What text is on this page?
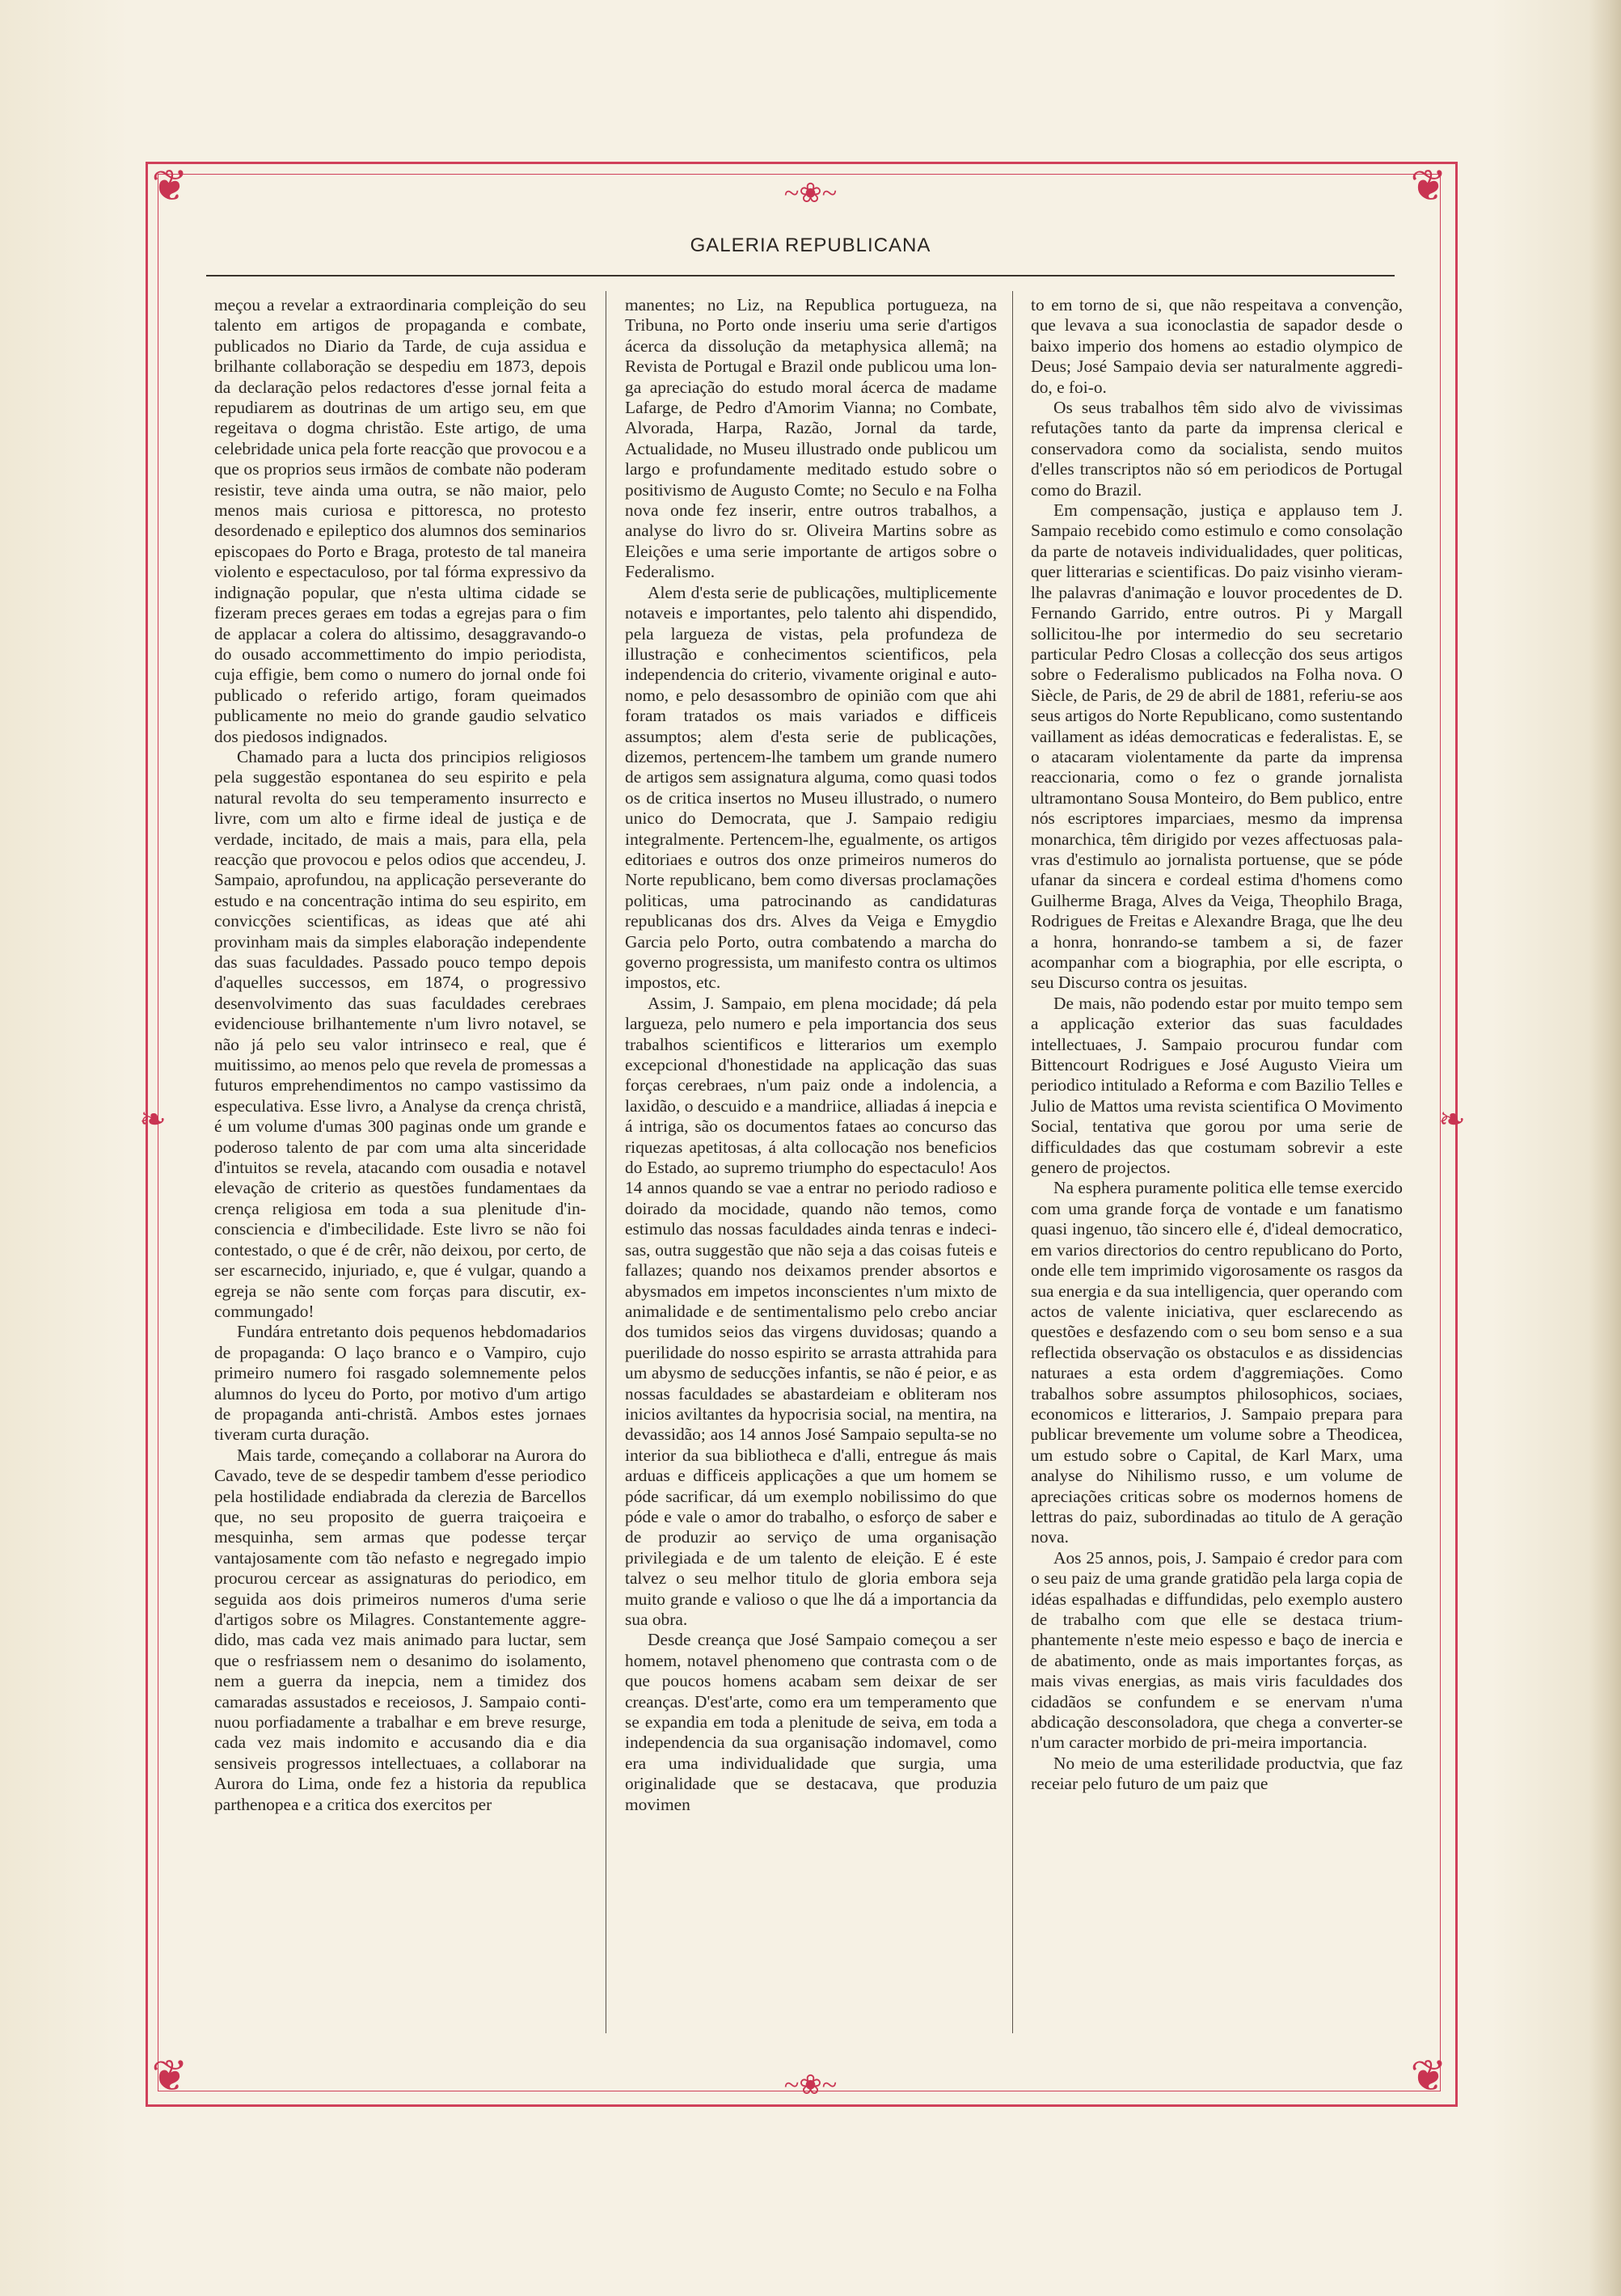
❦	❦
❦	❦
❧	❧
~❀~
~❀~
GALERIA REPUBLICANA

meçou a revelar a extraordinaria compleição do seu talento em artigos de propaganda e combate, publicados no Diario da Tarde, de cuja assidua e brilhante collaboração se despediu em 1873, depois da declaração pelos redactores d'esse jornal feita a repudiarem as doutrinas de um artigo seu, em que regeitava o dogma christão. Este artigo, de uma celebridade unica pela forte reacção que provocou e a que os proprios seus irmãos de combate não poderam resistir, teve ainda uma outra, se não maior, pelo menos mais curiosa e pittoresca, no protesto desordenado e epileptico dos alumnos dos seminarios episcopaes do Porto e Braga, protesto de tal maneira violento e espectaculoso, por tal fórma expressivo da indignação popular, que n'esta ultima cidade se fizeram preces geraes em todas a egrejas para o fim de applacar a colera do altissimo, desaggravando-o do ousado accommettimento do impio periodista, cuja effigie, bem como o numero do jornal onde foi publicado o referido artigo, foram queimados publicamente no meio do grande gaudio selvatico dos piedosos indignados.

Chamado para a lucta dos principios religiosos pela suggestão espontanea do seu espirito e pela natural revolta do seu temperamento insurrecto e livre, com um alto e firme ideal de justiça e de verdade, incitado, de mais a mais, para ella, pela reacção que provocou e pelos odios que accendeu, J. Sampaio, aprofundou, na applicação perseverante do estudo e na concentração intima do seu espirito, em convicções scientificas, as ideas que até ahi provinham mais da simples elaboração independente das suas faculdades. Passado pouco tempo depois d'aquelles successos, em 1874, o progressivo desenvolvimento das suas faculdades cerebraes evidenciouse brilhantemente n'um livro notavel, se não já pelo seu valor intrinseco e real, que é muitissimo, ao menos pelo que revela de promessas a futuros emprehendimentos no campo vastissimo da especulativa. Esse livro, a Analyse da crença christã, é um volume d'umas 300 paginas onde um grande e poderoso talento de par com uma alta sinceridade d'intuitos se revela, atacando com ousadia e notavel elevação de criterio as questões fundamentaes da crença religiosa em toda a sua plenitude d'inconsciencia e d'imbecilidade. Este livro se não foi contestado, o que é de crêr, não deixou, por certo, de ser escarnecido, injuriado, e, que é vulgar, quando a egreja se não sente com forças para discutir, excommungado!

Fundára entretanto dois pequenos hebdomadarios de propaganda: O laço branco e o Vampiro, cujo primeiro numero foi rasgado solemnemente pelos alumnos do lyceu do Porto, por motivo d'um artigo de propaganda anti-christã. Ambos estes jornaes tiveram curta duração.

Mais tarde, começando a collaborar na Aurora do Cavado, teve de se despedir tambem d'esse periodico pela hostilidade endiabrada da clerezia de Barcellos que, no seu proposito de guerra traiçoeira e mesquinha, sem armas que podesse terçar vantajosamente com tão nefasto e negregado impio procurou cercear as assignaturas do periodico, em seguida aos dois primeiros numeros d'uma serie d'artigos sobre os Milagres. Constantemente aggredido, mas cada vez mais animado para luctar, sem que o resfriassem nem o desanimo do isolamento, nem a guerra da inepcia, nem a timidez dos camaradas assustados e receiosos, J. Sampaio continuou porfiadamente a trabalhar e em breve resurge, cada vez mais indomito e accusando dia e dia sensiveis progressos intellectuaes, a collaborar na Aurora do Lima, onde fez a historia da republica parthenopea e a critica dos exercitos per

manentes; no Liz, na Republica portugueza, na Tribuna, no Porto onde inseriu uma serie d'artigos ácerca da dissolução da metaphysica allemã; na Revista de Portugal e Brazil onde publicou uma longa apreciação do estudo moral ácerca de madame Lafarge, de Pedro d'Amorim Vianna; no Combate, Alvorada, Harpa, Razão, Jornal da tarde, Actualidade, no Museu illustrado onde publicou um largo e profundamente meditado estudo sobre o positivismo de Augusto Comte; no Seculo e na Folha nova onde fez inserir, entre outros trabalhos, a analyse do livro do sr. Oliveira Martins sobre as Eleições e uma serie importante de artigos sobre o Federalismo.

Alem d'esta serie de publicações, multiplicemente notaveis e importantes, pelo talento ahi dispendido, pela largueza de vistas, pela profundeza de illustração e conhecimentos scientificos, pela independencia do criterio, vivamente original e autonomo, e pelo desassombro de opinião com que ahi foram tratados os mais variados e difficeis assumptos; alem d'esta serie de publicações, dizemos, pertencem-lhe tambem um grande numero de artigos sem assignatura alguma, como quasi todos os de critica insertos no Museu illustrado, o numero unico do Democrata, que J. Sampaio redigiu integralmente. Pertencem-lhe, egualmente, os artigos editoriaes e outros dos onze primeiros numeros do Norte republicano, bem como diversas proclamações politicas, uma patrocinando as candidaturas republicanas dos drs. Alves da Veiga e Emygdio Garcia pelo Porto, outra combatendo a marcha do governo progressista, um manifesto contra os ultimos impostos, etc.

Assim, J. Sampaio, em plena mocidade; dá pela largueza, pelo numero e pela importancia dos seus trabalhos scientificos e litterarios um exemplo excepcional d'honestidade na applicação das suas forças cerebraes, n'um paiz onde a indolencia, a laxidão, o descuido e a mandriice, alliadas á inepcia e á intriga, são os documentos fataes ao concurso das riquezas apetitosas, á alta collocação nos beneficios do Estado, ao supremo triumpho do espectaculo! Aos 14 annos quando se vae a entrar no periodo radioso e doirado da mocidade, quando não temos, como estimulo das nossas faculdades ainda tenras e indecisas, outra suggestão que não seja a das coisas futeis e fallazes; quando nos deixamos prender absortos e abysmados em impetos inconscientes n'um mixto de animalidade e de sentimentalismo pelo crebo anciar dos tumidos seios das virgens duvidosas; quando a puerilidade do nosso espirito se arrasta attrahida para um abysmo de seducções infantis, se não é peior, e as nossas faculdades se abastardeiam e obliteram nos inicios aviltantes da hypocrisia social, na mentira, na devassidão; aos 14 annos José Sampaio sepulta-se no interior da sua bibliotheca e d'alli, entregue ás mais arduas e difficeis applicações a que um homem se póde sacrificar, dá um exemplo nobilissimo do que póde e vale o amor do trabalho, o esforço de saber e de produzir ao serviço de uma organisação privilegiada e de um talento de eleição. E é este talvez o seu melhor titulo de gloria embora seja muito grande e valioso o que lhe dá a importancia da sua obra.

Desde creança que José Sampaio começou a ser homem, notavel phenomeno que contrasta com o de que poucos homens acabam sem deixar de ser creanças. D'est'arte, como era um temperamento que se expandia em toda a plenitude de seiva, em toda a independencia da sua organisação indomavel, como era uma individualidade que surgia, uma originalidade que se destacava, que produzia movimen

to em torno de si, que não respeitava a convenção, que levava a sua iconoclastia de sapador desde o baixo imperio dos homens ao estadio olympico de Deus; José Sampaio devia ser naturalmente aggredido, e foi-o.

Os seus trabalhos têm sido alvo de vivissimas refutações tanto da parte da imprensa clerical e conservadora como da socialista, sendo muitos d'elles transcriptos não só em periodicos de Portugal como do Brazil.

Em compensação, justiça e applauso tem J. Sampaio recebido como estimulo e como consolação da parte de notaveis individualidades, quer politicas, quer litterarias e scientificas. Do paiz visinho vieramlhe palavras d'animação e louvor procedentes de D. Fernando Garrido, entre outros. Pi y Margall sollicitou-lhe por intermedio do seu secretario particular Pedro Closas a collecção dos seus artigos sobre o Federalismo publicados na Folha nova. O Siècle, de Paris, de 29 de abril de 1881, referiu-se aos seus artigos do Norte Republicano, como sustentando vaillament as idéas democraticas e federalistas. E, se o atacaram violentamente da parte da imprensa reaccionaria, como o fez o grande jornalista ultramontano Sousa Monteiro, do Bem publico, entre nós escriptores imparciaes, mesmo da imprensa monarchica, têm dirigido por vezes affectuosas palavras d'estimulo ao jornalista portuense, que se póde ufanar da sincera e cordeal estima d'homens como Guilherme Braga, Alves da Veiga, Theophilo Braga, Rodrigues de Freitas e Alexandre Braga, que lhe deu a honra, honrando-se tambem a si, de fazer acompanhar com a biographia, por elle escripta, o seu Discurso contra os jesuitas.

De mais, não podendo estar por muito tempo sem a applicação exterior das suas faculdades intellectuaes, J. Sampaio procurou fundar com Bittencourt Rodrigues e José Augusto Vieira um periodico intitulado a Reforma e com Bazilio Telles e Julio de Mattos uma revista scientifica O Movimento Social, tentativa que gorou por uma serie de difficuldades das que costumam sobrevir a este genero de projectos.

Na esphera puramente politica elle temse exercido com uma grande força de vontade e um fanatismo quasi ingenuo, tão sincero elle é, d'ideal democratico, em varios directorios do centro republicano do Porto, onde elle tem imprimido vigorosamente os rasgos da sua energia e da sua intelligencia, quer operando com actos de valente iniciativa, quer esclarecendo as questões e desfazendo com o seu bom senso e a sua reflectida observação os obstaculos e as dissidencias naturaes a esta ordem d'aggremiações. Como trabalhos sobre assumptos philosophicos, sociaes, economicos e litterarios, J. Sampaio prepara para publicar brevemente um volume sobre a Theodicea, um estudo sobre o Capital, de Karl Marx, uma analyse do Nihilismo russo, e um volume de apreciações criticas sobre os modernos homens de lettras do paiz, subordinadas ao titulo de A geração nova.

Aos 25 annos, pois, J. Sampaio é credor para com o seu paiz de uma grande gratidão pela larga copia de idéas espalhadas e diffundidas, pelo exemplo austero de trabalho com que elle se destaca triumphantemente n'este meio espesso e baço de inercia e de abatimento, onde as mais importantes forças, as mais vivas energias, as mais viris faculdades dos cidadãos se confundem e se enervam n'uma abdicação desconsoladora, que chega a converter-se n'um caracter morbido de pri-meira importancia.

No meio de uma esterilidade productvia, que faz receiar pelo futuro de um paiz que
